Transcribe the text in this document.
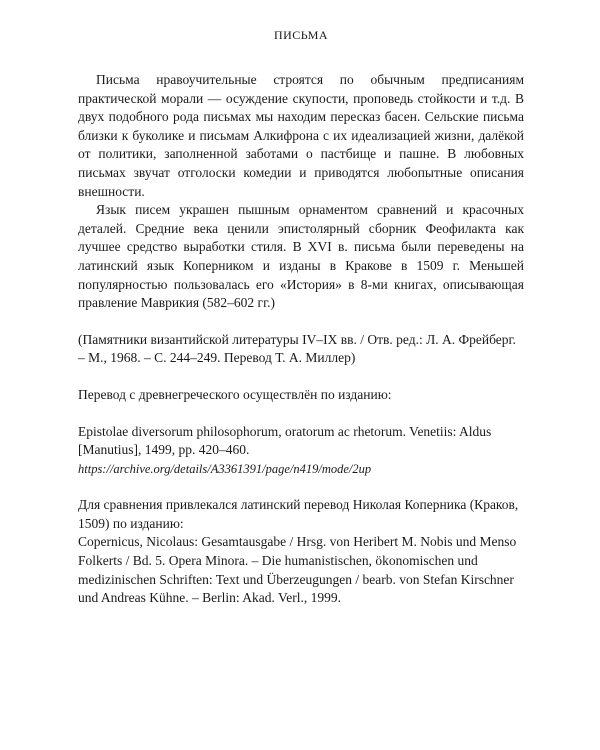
ПИСЬМА

Письма нравоучительные строятся по обычным предписаниям практической морали — осуждение скупости, проповедь стойкости и т.д. В двух подобного рода письмах мы находим пересказ басен. Сельские письма близки к буколике и письмам Алкифрона с их идеализацией жизни, далёкой от политики, заполненной заботами о пастбище и пашне. В любовных письмах звучат отголоски комедии и приводятся любопытные описания внешности.

Язык писем украшен пышным орнаментом сравнений и красочных деталей. Средние века ценили эпистолярный сборник Феофилакта как лучшее средство выработки стиля. В XVI в. письма были переведены на латинский язык Коперником и изданы в Кракове в 1509 г. Меньшей популярностью пользовалась его «История» в 8-ми книгах, описывающая правление Маврикия (582–602 гг.)

(Памятники византийской литературы IV–IX вв. / Отв. ред.: Л. А. Фрейберг. – М., 1968. – С. 244–249. Перевод Т. А. Миллер)

Перевод с древнегреческого осуществлён по изданию:

Epistolae diversorum philosophorum, oratorum ac rhetorum. Venetiis: Aldus [Manutius], 1499, pp. 420–460.

https://archive.org/details/A3361391/page/n419/mode/2up

Для сравнения привлекался латинский перевод Николая Коперника (Краков, 1509) по изданию:

Copernicus, Nicolaus: Gesamtausgabe / Hrsg. von Heribert M. Nobis und Menso Folkerts / Bd. 5. Opera Minora. – Die humanistischen, ökonomischen und medizinischen Schriften: Text und Überzeugungen / bearb. von Stefan Kirschner und Andreas Kühne. – Berlin: Akad. Verl., 1999.
